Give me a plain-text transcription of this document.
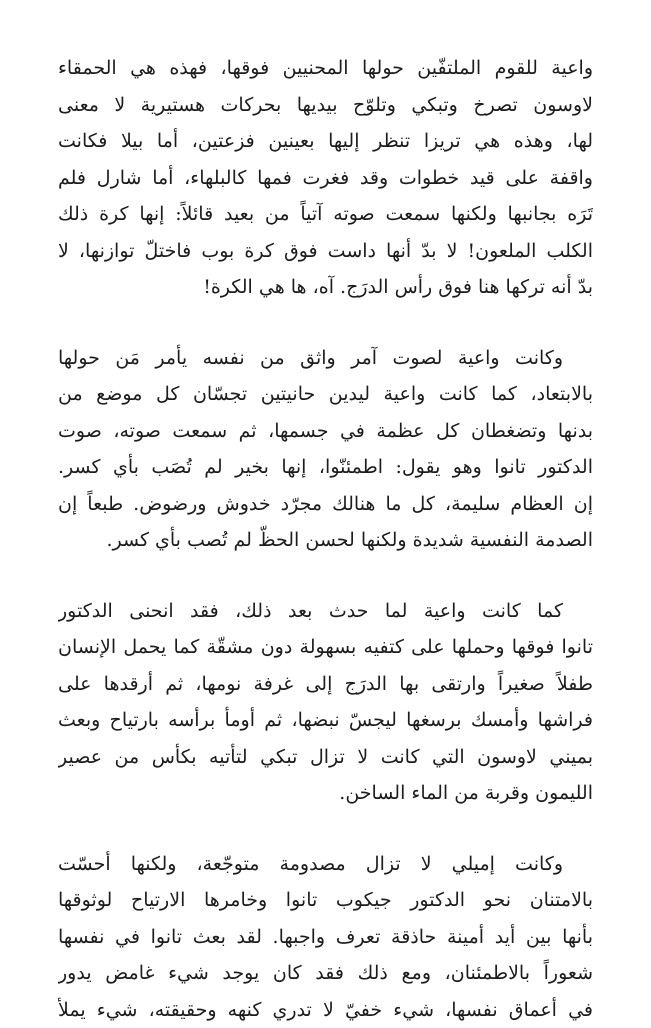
واعية للقوم الملتفّين حولها المحنيين فوقها، فهذه هي الحمقاء
لاوسون تصرخ وتبكي وتلوّح بيديها بحركات هستيرية لا معنى
لها، وهذه هي تريزا تنظر إليها بعينين فزعتين، أما بيلا فكانت
واقفة على قيد خطوات وقد فغرت فمها كالبلهاء، أما شارل فلم
تَرَه بجانبها ولكنها سمعت صوته آتياً من بعيد قائلاً: إنها كرة ذلك
الكلب الملعون! لا بدّ أنها داست فوق كرة بوب فاختلّ توازنها، لا
بدّ أنه تركها هنا فوق رأس الدرَج. آه، ها هي الكرة!

وكانت واعية لصوت آمر واثق من نفسه يأمر مَن حولها
بالابتعاد، كما كانت واعية ليدين حانيتين تجسّان كل موضع من
بدنها وتضغطان كل عظمة في جسمها، ثم سمعت صوته، صوت
الدكتور تانوا وهو يقول: اطمئنّوا، إنها بخير لم تُصَب بأي كسر.
إن العظام سليمة، كل ما هنالك مجرّد خدوش ورضوض. طبعاً إن
الصدمة النفسية شديدة ولكنها لحسن الحظّ لم تُصب بأي كسر.

كما كانت واعية لما حدث بعد ذلك، فقد انحنى الدكتور
تانوا فوقها وحملها على كتفيه بسهولة دون مشقّة كما يحمل الإنسان
طفلاً صغيراً وارتقى بها الدرَج إلى غرفة نومها، ثم أرقدها على
فراشها وأمسك برسغها ليجسّ نبضها، ثم أومأ برأسه بارتياح وبعث
بميني لاوسون التي كانت لا تزال تبكي لتأتيه بكأس من عصير
الليمون وقربة من الماء الساخن.

وكانت إميلي لا تزال مصدومة متوجّعة، ولكنها أحسّت
بالامتنان نحو الدكتور جيكوب تانوا وخامرها الارتياح لوثوقها
بأنها بين أيد أمينة حاذقة تعرف واجبها. لقد بعث تانوا في نفسها
شعوراً بالاطمئنان، ومع ذلك فقد كان يوجد شيء غامض يدور
في أعماق نفسها، شيء خفيّ لا تدري كنهه وحقيقته، شيء يملأ
